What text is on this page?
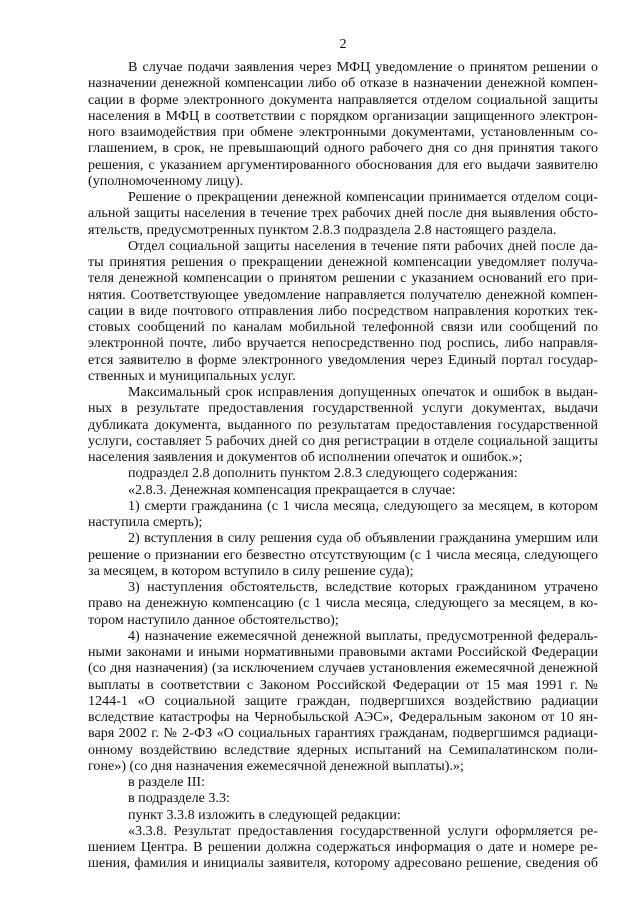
2
В случае подачи заявления через МФЦ уведомление о принятом решении о
назначении денежной компенсации либо об отказе в назначении денежной компен-
сации в форме электронного документа направляется отделом социальной защиты
населения в МФЦ в соответствии с порядком организации защищенного электрон-
ного взаимодействия при обмене электронными документами, установленным со-
глашением, в срок, не превышающий одного рабочего дня со дня принятия такого
решения, с указанием аргументированного обоснования для его выдачи заявителю
(уполномоченному лицу).
Решение о прекращении денежной компенсации принимается отделом соци-
альной защиты населения в течение трех рабочих дней после дня выявления обсто-
ятельств, предусмотренных пунктом 2.8.3 подраздела 2.8 настоящего раздела.
Отдел социальной защиты населения в течение пяти рабочих дней после да-
ты принятия решения о прекращении денежной компенсации уведомляет получа-
теля денежной компенсации о принятом решении с указанием оснований его при-
нятия. Соответствующее уведомление направляется получателю денежной компен-
сации в виде почтового отправления либо посредством направления коротких тек-
стовых сообщений по каналам мобильной телефонной связи или сообщений по
электронной почте, либо вручается непосредственно под роспись, либо направля-
ется заявителю в форме электронного уведомления через Единый портал государ-
ственных и муниципальных услуг.
Максимальный срок исправления допущенных опечаток и ошибок в выдан-
ных в результате предоставления государственной услуги документах, выдачи
дубликата документа, выданного по результатам предоставления государственной
услуги, составляет 5 рабочих дней со дня регистрации в отделе социальной защиты
населения заявления и документов об исполнении опечаток и ошибок.»;
подраздел 2.8 дополнить пунктом 2.8.3 следующего содержания:
«2.8.3. Денежная компенсация прекращается в случае:
1) смерти гражданина (с 1 числа месяца, следующего за месяцем, в котором
наступила смерть);
2) вступления в силу решения суда об объявлении гражданина умершим или
решение о признании его безвестно отсутствующим (с 1 числа месяца, следующего
за месяцем, в котором вступило в силу решение суда);
3) наступления обстоятельств, вследствие которых гражданином утрачено
право на денежную компенсацию (с 1 числа месяца, следующего за месяцем, в ко-
тором наступило данное обстоятельство);
4) назначение ежемесячной денежной выплаты, предусмотренной федераль-
ными законами и иными нормативными правовыми актами Российской Федерации
(со дня назначения) (за исключением случаев установления ежемесячной денежной
выплаты в соответствии с Законом Российской Федерации от 15 мая 1991 г. №
1244-1 «О социальной защите граждан, подвергшихся воздействию радиации
вследствие катастрофы на Чернобыльской АЭС», Федеральным законом от 10 ян-
варя 2002 г. № 2-ФЗ «О социальных гарантиях гражданам, подвергшимся радиаци-
онному воздействию вследствие ядерных испытаний на Семипалатинском поли-
гоне») (со дня назначения ежемесячной денежной выплаты).»;
в разделе III:
в подразделе 3.3:
пункт 3.3.8 изложить в следующей редакции:
«3.3.8. Результат предоставления государственной услуги оформляется ре-
шением Центра. В решении должна содержаться информация о дате и номере ре-
шения, фамилия и инициалы заявителя, которому адресовано решение, сведения об
